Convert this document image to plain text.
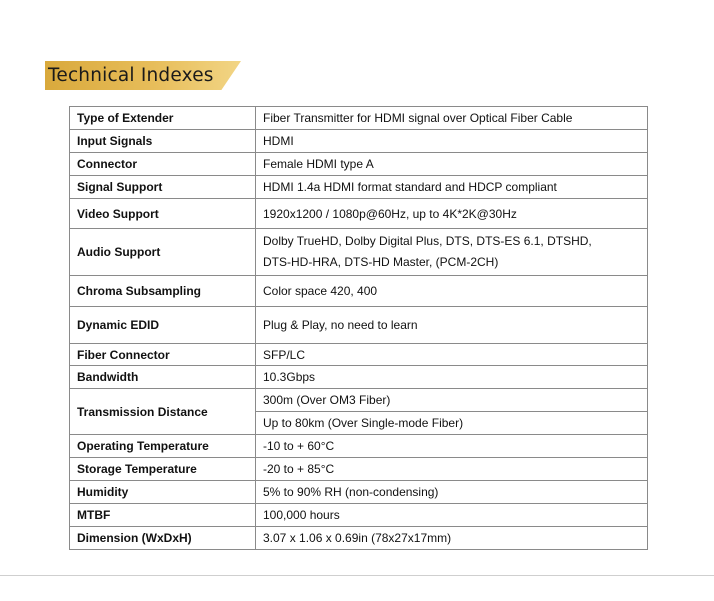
Technical Indexes
Type of Extender	Fiber Transmitter for HDMI signal over Optical Fiber Cable
Input Signals	HDMI
Connector	Female HDMI type A
Signal Support	HDMI 1.4a HDMI format standard and HDCP compliant
Video Support	1920x1200 / 1080p@60Hz, up to 4K*2K@30Hz
Audio Support	Dolby TrueHD, Dolby Digital Plus, DTS, DTS-ES 6.1, DTSHD,
DTS-HD-HRA, DTS-HD Master, (PCM-2CH)

Chroma Subsampling	Color space 420, 400
Dynamic EDID	Plug & Play, no need to learn
Fiber Connector	SFP/LC
Bandwidth	10.3Gbps
Transmission Distance	300m (Over OM3 Fiber)
	Up to 80km (Over Single-mode Fiber)
Operating Temperature	-10 to + 60°C
Storage Temperature	-20 to + 85°C
Humidity	5% to 90% RH (non-condensing)
MTBF	100,000 hours
Dimension (WxDxH)	3.07 x 1.06 x 0.69in (78x27x17mm)
